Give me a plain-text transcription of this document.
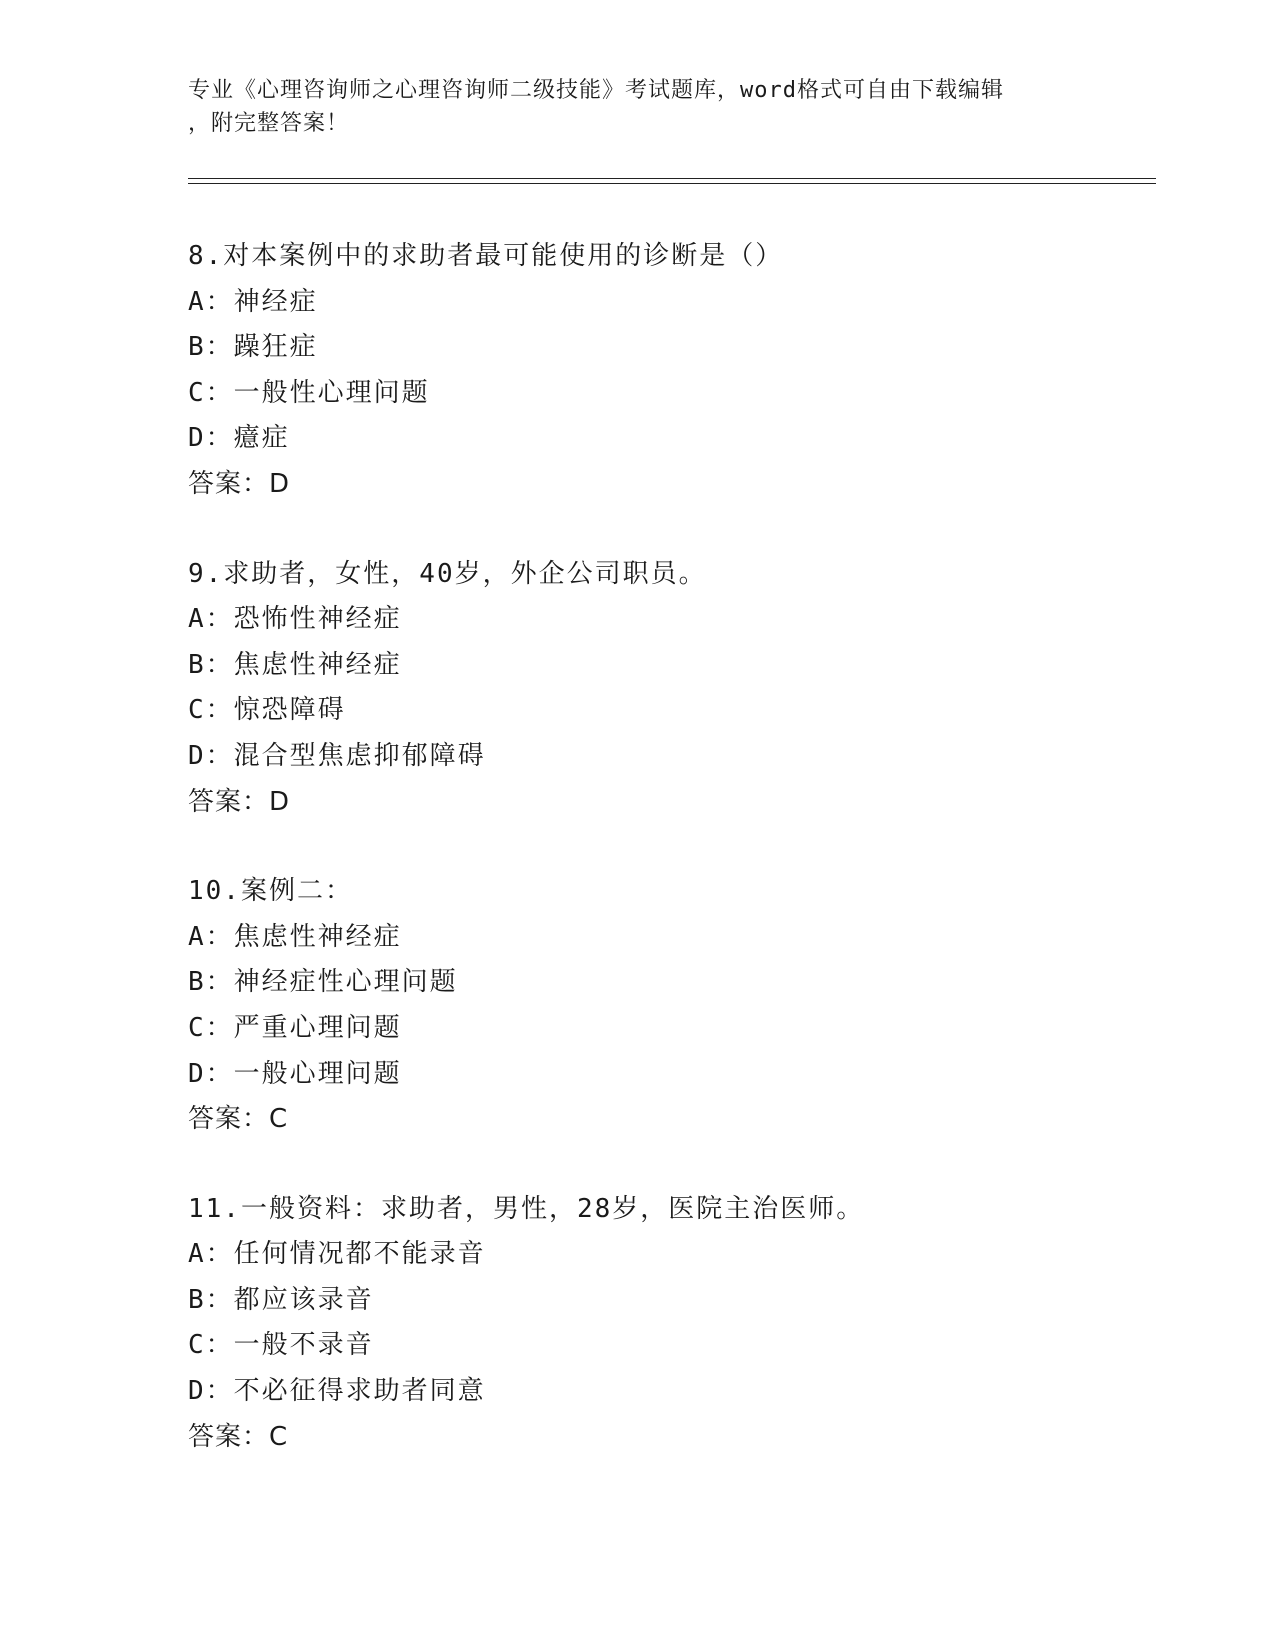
专业《心理咨询师之心理咨询师二级技能》考试题库，word格式可自由下载编辑
，附完整答案！
8.对本案例中的求助者最可能使用的诊断是（）
A：神经症
B：躁狂症
C：一般性心理问题
D：癔症
答案：D
9.求助者，女性，40岁，外企公司职员。
A：恐怖性神经症
B：焦虑性神经症
C：惊恐障碍
D：混合型焦虑抑郁障碍
答案：D
10.案例二：
A：焦虑性神经症
B：神经症性心理问题
C：严重心理问题
D：一般心理问题
答案：C
11.一般资料：求助者，男性，28岁，医院主治医师。
A：任何情况都不能录音
B：都应该录音
C：一般不录音
D：不必征得求助者同意
答案：C
